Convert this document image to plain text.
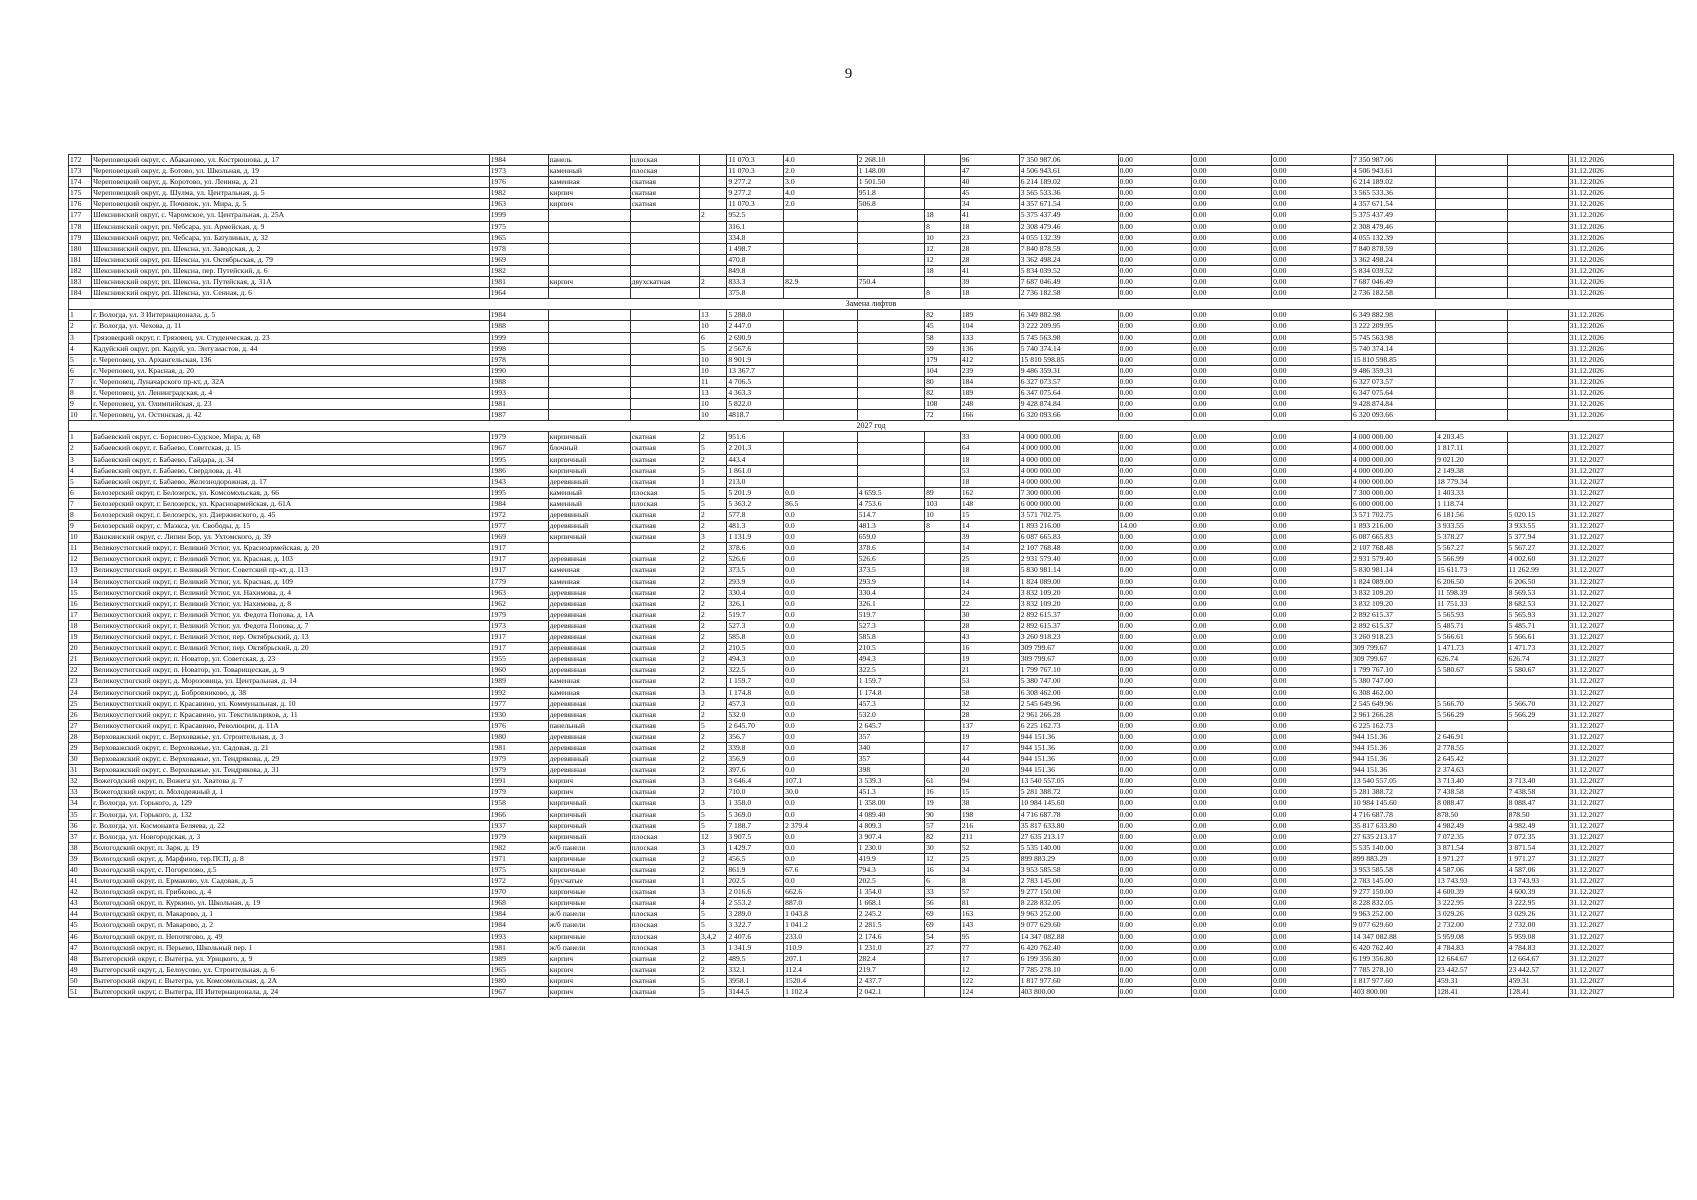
9
172	Череповецкий округ, с. Абаканово, ул. Кострюшова, д. 17	1984	панель	плоская		11 070.3	4.0	2 268.10		96	7 350 987.06	0.00	0.00	0.00	7 350 987.06			31.12.2026
173	Череповецкий округ, д. Ботово, ул. Школьная, д. 19	1973	каменный	плоская		11 070.3	2.0	1 148.00		47	4 506 943.61	0.00	0.00	0.00	4 506 943.61			31.12.2026
174	Череповецкий округ, д. Коротово, ул. Ленина, д. 21	1976	каменная	скатная		9 277.2	3.0	1 501.50		40	6 214 189.02	0.00	0.00	0.00	6 214 189.02			31.12.2026
175	Череповецкий округ, д. Шулма, ул. Центральная, д. 5	1982	кирпич	скатная		9 277.2	4.0	951.8		45	3 565 533.36	0.00	0.00	0.00	3 565 533.36			31.12.2026
176	Череповецкий округ, д. Починок, ул. Мира, д. 5	1963	кирпич	скатная		11 070.3	2.0	506.8		34	4 357 671.54	0.00	0.00	0.00	4 357 671.54			31.12.2026
177	Шекснинский округ, с. Чаромское, ул. Центральная, д. 25А	1999			2	952.5			18	41	5 375 437.49	0.00	0.00	0.00	5 375 437.49			31.12.2026
178	Шекснинский округ, рп. Чебсара, ул. Армейская, д. 9	1975				316.1			8	18	2 308 479.46	0.00	0.00	0.00	2 308 479.46			31.12.2026
179	Шекснинский округ, рп. Чебсара, ул. Батулиных, д. 32	1965				334.8			10	23	4 055 132.39	0.00	0.00	0.00	4 055 132.39			31.12.2026
180	Шекснинский округ, рп. Шексна, ул. Заводская, д. 2	1978				1 498.7			12	28	7 840 878.59	0.00	0.00	0.00	7 840 878.59			31.12.2026
181	Шекснинский округ, рп. Шексна, ул. Октябрьская, д. 79	1969				470.8			12	28	3 362 498.24	0.00	0.00	0.00	3 362 498.24			31.12.2026
182	Шекснинский округ, рп. Шексна, пер. Путейский, д. 6	1982				849.8			18	41	5 834 039.52	0.00	0.00	0.00	5 834 039.52			31.12.2026
183	Шекснинский округ, рп. Шексна, ул. Путейская, д. 31А	1981	кирпич	двухскатная	2	833.3	82.9	750.4		39	7 687 046.49	0.00	0.00	0.00	7 687 046.49			31.12.2026
184	Шекснинский округ, рп. Шексна, ул. Сенная, д. 6	1964				375.8			8	18	2 736 182.58	0.00	0.00	0.00	2 736 182.58			31.12.2026
Замена лифтов																		
1	г. Вологда, ул. 3 Интернационала, д. 5	1984			13	5 288.0			82	189	6 349 882.98	0.00	0.00	0.00	6 349 882.98			31.12.2026
2	г. Вологда, ул. Чехова, д. 11	1988			10	2 447.0			45	104	3 222 209.95	0.00	0.00	0.00	3 222 209.95			31.12.2026
3	Грязовецкий округ, г. Грязовец, ул. Студенческая, д. 23	1999			6	2 690.9			58	133	5 745 563.98	0.00	0.00	0.00	5 745 563.98			31.12.2026
4	Кадуйский округ, рп. Кадуй, ул. Энтузиастов, д. 44	1998			5	2 567.6			59	136	5 740 374.14	0.00	0.00	0.00	5 740 374.14			31.12.2026
5	г. Череповец, ул. Архангельская, 136	1978			10	8 901.9			179	412	15 810 598.85	0.00	0.00	0.00	15 810 598.85			31.12.2026
6	г. Череповец, ул. Красная, д. 20	1990			10	13 367.7			104	239	9 486 359.31	0.00	0.00	0.00	9 486 359.31			31.12.2026
7	г. Череповец, Луначарского пр-кт, д. 32А	1988			11	4 706.5			80	184	6 327 073.57	0.00	0.00	0.00	6 327 073.57			31.12.2026
8	г. Череповец, ул. Ленинградская, д. 4	1993			13	4 363.3			82	189	6 347 075.64	0.00	0.00	0.00	6 347 075.64			31.12.2026
9	г. Череповец, ул. Олимпийская, д. 23	1981			10	5 822.0			108	248	9 428 874.84	0.00	0.00	0.00	9 428 874.84			31.12.2026
10	г. Череповец, ул. Остинская, д. 42	1987			10	4818.7			72	166	6 320 093.66	0.00	0.00	0.00	6 320 093.66			31.12.2026
2027 год																		
1	Бабаевский округ, с. Борисово-Судское, Мира, д. 68	1979	кирпичный	скатная	2	951.6				33	4 000 000.00	0.00	0.00	0.00	4 000 000.00	4 203.45		31.12.2027
2	Бабаевский округ, г. Бабаево, Советская, д. 15	1967	блочный	скатная	5	2 201.3				64	4 000 000.00	0.00	0.00	0.00	4 000 000.00	1 817.11		31.12.2027
3	Бабаевский округ, г. Бабаево, Гайдара, д. 34	1995	кирпичный	скатная	2	443.4				18	4 000 000.00	0.00	0.00	0.00	4 000 000.00	9 021.20		31.12.2027
4	Бабаевский округ, г. Бабаево, Свердлова, д. 41	1986	кирпичный	скатная	5	1 861.0				53	4 000 000.00	0.00	0.00	0.00	4 000 000.00	2 149.38		31.12.2027
5	Бабаевский округ, г. Бабаево, Железнодорожная, д. 17	1943	деревянный	скатная	1	213.0				18	4 000 000.00	0.00	0.00	0.00	4 000 000.00	18 779.34		31.12.2027
6	Белозерский округ, г. Белозерск, ул. Комсомольская, д. 66	1995	каменный	плоская	5	5 201.9	0.0	4 659.5	89	162	7 300 000.00	0.00	0.00	0.00	7 300 000.00	1 403.33		31.12.2027
7	Белозерский округ, г. Белозерск, ул. Красноармейская, д. 61А	1984	каменный	плоская	5	5 363.2	86.5	4 753.6	103	148	6 000 000.00	0.00	0.00	0.00	6 000 000.00	1 118.74		31.12.2027
8	Белозерский округ, г. Белозерск, ул. Дзержинского, д. 45	1972	деревянный	скатная	2	577.8	0.0	514.7	10	15	3 571 702.75	0.00	0.00	0.00	3 571 702.75	6 181.56	5 020.15	31.12.2027
9	Белозерский округ, с. Маэкса, ул. Свободы, д. 15	1977	деревянный	скатная	2	481.3	0.0	481.3	8	14	1 893 216.00	14.00	0.00	0.00	1 893 216.00	3 933.55	3 933.55	31.12.2027
10	Вашкинский округ, с. Липин Бор, ул. Ухтомского, д. 39	1969	кирпичный	скатная	3	1 131.9	0.0	659.0		39	6 087 665.83	0.00	0.00	0.00	6 087 665.83	5 378.27	5 377.94	31.12.2027
11	Великоустюгский округ, г. Великий Устюг, ул. Красноармейская, д. 20	1917			2	378.6	0.0	378.6		14	2 107 768.48	0.00	0.00	0.00	2 107 768.48	5 567.27	5 567.27	31.12.2027
12	Великоустюгский округ, г. Великий Устюг, ул. Красная, д. 103	1917	деревянная	скатная	2	526.6	0.0	526.6		25	2 931 579.40	0.00	0.00	0.00	2 931 579.40	5 566.99	4 002.60	31.12.2027
13	Великоустюгский округ, г. Великий Устюг, Советский пр-кт, д. 113	1917	каменная	скатная	2	373.5	0.0	373.5		18	5 830 981.14	0.00	0.00	0.00	5 830 981.14	15 611.73	11 262.99	31.12.2027
14	Великоустюгский округ, г. Великий Устюг, ул. Красная, д. 109	1779	каменная	скатная	2	293.9	0.0	293.9		14	1 824 089.00	0.00	0.00	0.00	1 824 089.00	6 206.50	6 206.50	31.12.2027
15	Великоустюгский округ, г. Великий Устюг, ул. Нахимова, д. 4	1963	деревянная	скатная	2	330.4	0.0	330.4		24	3 832 109.20	0.00	0.00	0.00	3 832 109.20	11 598.39	8 569.53	31.12.2027
16	Великоустюгский округ, г. Великий Устюг, ул. Нахимова, д. 8	1962	деревянная	скатная	2	326.1	0.0	326.1		22	3 832 109.20	0.00	0.00	0.00	3 832 109.20	11 751.33	8 682.53	31.12.2027
17	Великоустюгский округ, г. Великий Устюг, ул. Федота Попова, д. 1А	1979	деревянная	скатная	2	519.7	0.0	519.7		30	2 892 615.37	0.00	0.00	0.00	2 892 615.37	5 565.93	5 565.93	31.12.2027
18	Великоустюгский округ, г. Великий Устюг, ул. Федота Попова, д. 7	1973	деревянная	скатная	2	527.3	0.0	527.3		28	2 892 615.37	0.00	0.00	0.00	2 892 615.37	5 485.71	5 485.71	31.12.2027
19	Великоустюгский округ, г. Великий Устюг, пер. Октябрьский, д. 13	1917	деревянная	скатная	2	585.8	0.0	585.8		43	3 260 918.23	0.00	0.00	0.00	3 260 918.23	5 566.61	5 566.61	31.12.2027
20	Великоустюгский округ, г. Великий Устюг, пер. Октябрьский, д. 20	1917	деревянная	скатная	2	210.5	0.0	210.5		16	309 799.67	0.00	0.00	0.00	309 799.67	1 471.73	1 471.73	31.12.2027
21	Великоустюгский округ, п. Новатор, ул. Советская, д. 23	1955	деревянная	скатная	2	494.3	0.0	494.3		19	309 799.67	0.00	0.00	0.00	309 799.67	626.74	626.74	31.12.2027
22	Великоустюгский округ, п. Новатор, ул. Товарищеская, д. 9	1960	деревянная	скатная	2	322.5	0.0	322.5		21	1 799 767.10	0.00	0.00	0.00	1 799 767.10	5 580.67	5 580.67	31.12.2027
23	Великоустюгский округ, д. Морозовица, ул. Центральная, д. 14	1989	каменная	скатная	2	1 159.7	0.0	1 159.7		53	5 380 747.00	0.00	0.00	0.00	5 380 747.00			31.12.2027
24	Великоустюгский округ, д. Бобровниково, д. 38	1992	каменная	скатная	3	1 174.8	0.0	1 174.8		58	6 308 462.00	0.00	0.00	0.00	6 308 462.00			31.12.2027
25	Великоустюгский округ, г. Красавино, ул. Коммунальная, д. 10	1977	деревянная	скатная	2	457.3	0.0	457.3		32	2 545 649.96	0.00	0.00	0.00	2 545 649.96	5 566.70	5 566.70	31.12.2027
26	Великоустюгский округ, г. Красавино, ул. Текстильщиков, д. 11	1930	деревянная	скатная	2	532.0	0.0	532.0		28	2 961 266.28	0.00	0.00	0.00	2 961 266.28	5 566.29	5 566.29	31.12.2027
27	Великоустюгский округ, г. Красавино, Революции, д. 11А	1976	панельный	скатная	5	2 645.70	0.0	2 645.7		137	6 225 162.73	0.00	0.00	0.00	6 225 162.73			31.12.2027
28	Верховажский округ, с. Верховажье, ул. Строительная, д. 3	1980	деревянная	скатная	2	356.7	0.0	357		19	944 151.36	0.00	0.00	0.00	944 151.36	2 646.91		31.12.2027
29	Верховажский округ, с. Верховажье, ул. Садовая, д. 21	1981	деревянная	скатная	2	339.8	0.0	340		17	944 151.36	0.00	0.00	0.00	944 151.36	2 778.55		31.12.2027
30	Верховажский округ, с. Верховажье, ул. Тендрякова, д. 29	1979	деревянный	скатная	2	356.9	0.0	357		44	944 151.36	0.00	0.00	0.00	944 151.36	2 645.42		31.12.2027
31	Верховажский округ, с. Верховажье, ул. Тендрякова, д. 31	1979	деревянная	скатная	2	397.6	0.0	398		20	944 151.36	0.00	0.00	0.00	944 151.36	2 374.63		31.12.2027
32	Вожегодский округ, п. Вожега ул. Хватова д. 7	1991	кирпич	скатная	3	3 646.4	107.1	3 539.3	61	94	13 540 557.05	0.00	0.00	0.00	13 540 557.05	3 713.40	3 713.40	31.12.2027
33	Вожегодский округ, п. Молодежный д. 1	1979	кирпич	скатная	2	710.0	30.0	451.3	16	15	5 281 388.72	0.00	0.00	0.00	5 281 388.72	7 438.58	7 438.58	31.12.2027
34	г. Вологда, ул. Горького, д. 129	1958	кирпичный	скатная	3	1 358.0	0.0	1 358.00	19	38	10 984 145.60	0.00	0.00	0.00	10 984 145.60	8 088.47	8 088.47	31.12.2027
35	г. Вологда, ул. Горького, д. 132	1966	кирпичный	скатная	5	5 369.0	0.0	4 089.40	90	198	4 716 687.78	0.00	0.00	0.00	4 716 687.78	878.50	878.50	31.12.2027
36	г. Вологда, ул. Космонавта Беляева, д. 22	1937	кирпичный	скатная	5	7 188.7	2 379.4	4 809.3	57	216	35 817 633.80	0.00	0.00	0.00	35 817 633.80	4 982.49	4 982.49	31.12.2027
37	г. Вологда, ул. Новгородская, д. 3	1979	кирпичный	плоская	12	3 907.5	0.0	3 907.4	82	211	27 635 213.17	0.00	0.00	0.00	27 635 213.17	7 072.35	7 072.35	31.12.2027
38	Вологодский округ, п. Заря, д. 19	1982	ж/б панели	плоская	3	1 429.7	0.0	1 230.0	30	52	5 535 140.00	0.00	0.00	0.00	5 535 140.00	3 871.54	3 871.54	31.12.2027
39	Вологодский округ, д. Марфино, тер.ПСП, д. 8	1971	кирпичные	скатная	2	456.5	0.0	419.9	12	25	899 883.29	0.00	0.00	0.00	899 883.29	1 971.27	1 971.27	31.12.2027
40	Вологодский округ, с. Погорелово, д.5	1975	кирпичные	скатная	2	861.9	67.6	794.3	16	34	3 953 585.58	0.00	0.00	0.00	3 953 585.58	4 587.06	4 587.06	31.12.2027
41	Вологодский округ, п. Ермаково, ул. Садовая, д. 5	1972	брусчатые	скатная	1	202.5	0.0	202.5	6	8	2 783 145.00	0.00	0.00	0.00	2 783 145.00	13 743.93	13 743.93	31.12.2027
42	Вологодский округ, п. Грибково, д. 4	1970	кирпичные	скатная	3	2 016.6	662.6	1 354.0	33	57	9 277 150.00	0.00	0.00	0.00	9 277 150.00	4 600.39	4 600.39	31.12.2027
43	Вологодский округ, п. Куркино, ул. Школьная, д. 19	1968	кирпичные	скатная	4	2 553.2	887.0	1 668.1	56	81	8 228 832.05	0.00	0.00	0.00	8 228 832.05	3 222.95	3 222.95	31.12.2027
44	Вологодский округ, п. Макарово, д. 1	1984	ж/б панели	плоская	5	3 289.0	1 043.8	2 245.2	69	163	9 963 252.00	0.00	0.00	0.00	9 963 252.00	3 029.26	3 029.26	31.12.2027
45	Вологодский округ, п. Макарово, д. 2	1984	ж/б панели	плоская	5	3 322.7	1 041.2	2 281.5	69	143	9 077 629.60	0.00	0.00	0.00	9 077 629.60	2 732.00	2 732.00	31.12.2027
46	Вологодский округ, п. Непотягово, д. 49	1993	кирпичные	плоская	3,4,2	2 407.6	233.0	2 174.6	54	95	14 347 082.88	0.00	0.00	0.00	14 347 082.88	5 959.08	5 959.08	31.12.2027
47	Вологодский округ, п. Перьево, Школьный пер. 1	1981	ж/б панели	плоская	3	1 341.9	110.9	1 231.0	27	77	6 420 762.40	0.00	0.00	0.00	6 420 762.40	4 784.83	4 784.83	31.12.2027
48	Вытегорский округ, г. Вытегра, ул. Урицкого, д. 9	1989	кирпич	скатная	2	489.5	207.1	282.4		17	6 199 356.80	0.00	0.00	0.00	6 199 356.80	12 664.67	12 664.67	31.12.2027
49	Вытегорский округ, д. Белоусово, ул. Строительная, д. 6	1965	кирпич	скатная	2	332.1	112.4	219.7		12	7 785 278.10	0.00	0.00	0.00	7 785 278.10	23 442.57	23 442.57	31.12.2027
50	Вытегорский округ, г. Вытегра, ул. Комсомольская, д. 2А	1980	кирпич	скатная	5	3958.1	1520.4	2 437.7		122	1 817 977.60	0.00	0.00	0.00	1 817 977.60	459.31	459.31	31.12.2027
51	Вытегорский округ, г. Вытегра, III Интернационала, д. 24	1967	кирпич	скатная	5	3144.5	1 102.4	2 042.1		124	403 800.00	0.00	0.00	0.00	403 800.00	128.41	128.41	31.12.2027
